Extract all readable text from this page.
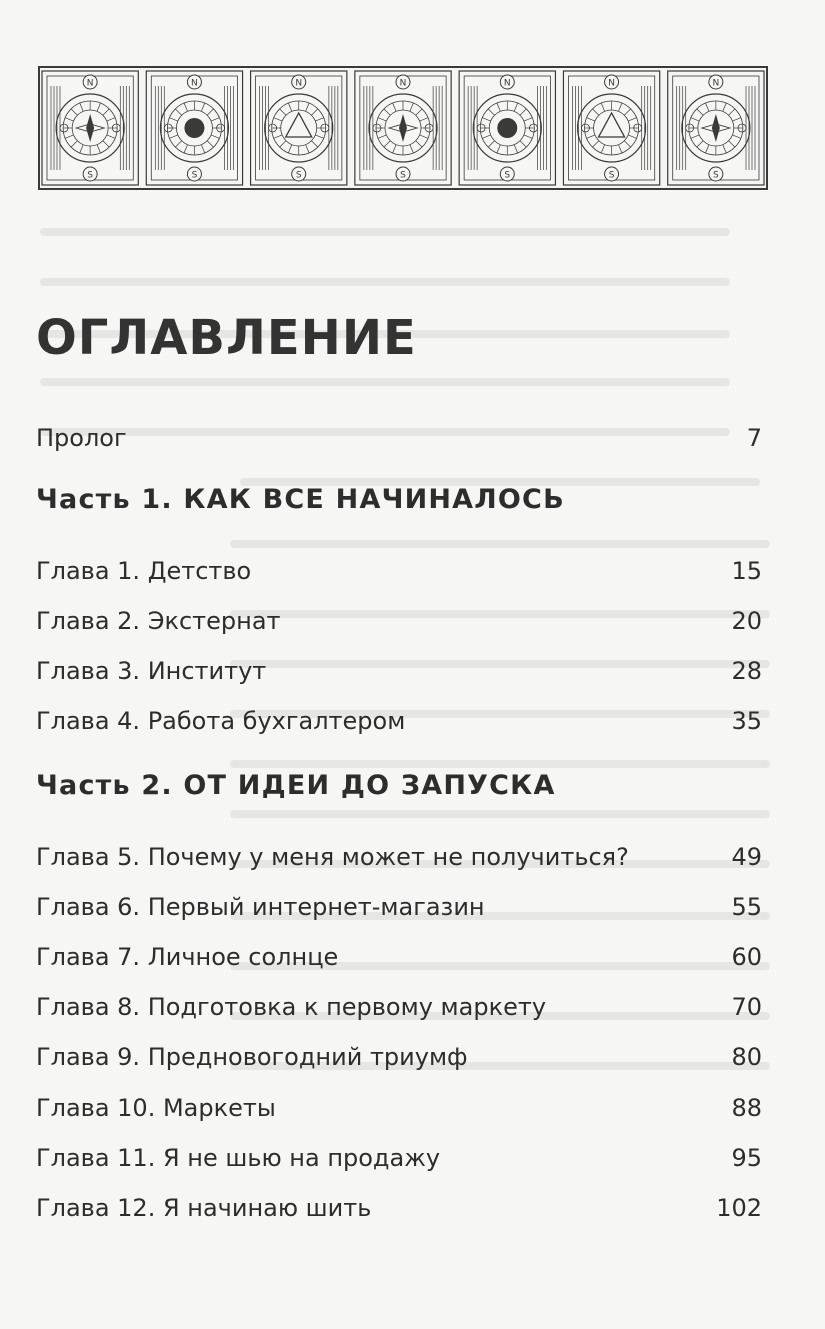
N
S
N
S
N
S
N
S
N
S
N
S
N
S
ОГЛАВЛЕНИЕ
Пролог	7
Часть 1. КАК ВСЕ НАЧИНАЛОСЬ
Глава 1. Детство	15
Глава 2. Экстернат	20
Глава 3. Институт	28
Глава 4. Работа бухгалтером	35
Часть 2. ОТ ИДЕИ ДО ЗАПУСКА
Глава 5. Почему у меня может не получиться?	49
Глава 6. Первый интернет-магазин	55
Глава 7. Личное солнце	60
Глава 8. Подготовка к первому маркету	70
Глава 9. Предновогодний триумф	80
Глава 10. Маркеты	88
Глава 11. Я не шью на продажу	95
Глава 12. Я начинаю шить	102
